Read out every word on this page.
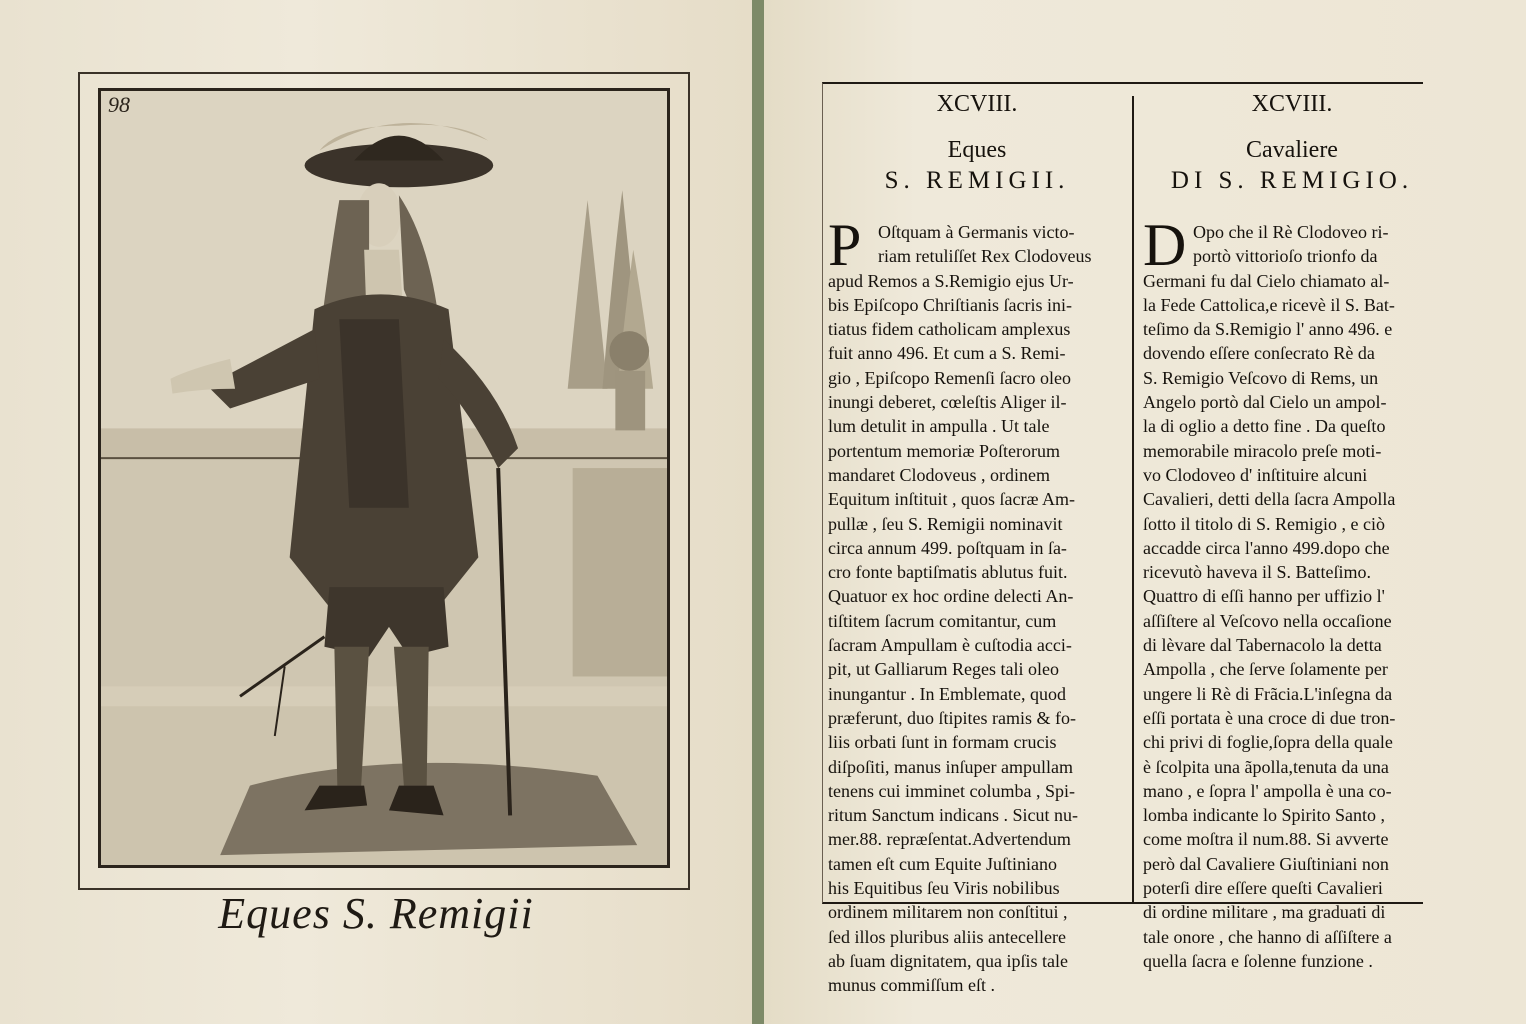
98
Eques S. Remigii
XCVIII.
Eques
S. REMIGII.
P Oſtquam à Germanis victo-
riam retuliſſet Rex Clodoveus
apud Remos a S.Remigio ejus Ur-
bis Epiſcopo Chriſtianis ſacris ini-
tiatus fidem catholicam amplexus
fuit anno 496. Et cum a S. Remi-
gio , Epiſcopo Remenſi ſacro oleo
inungi deberet, cœleſtis Aliger il-
lum detulit in ampulla . Ut tale
portentum memoriæ Poſterorum
mandaret Clodoveus , ordinem
Equitum inſtituit , quos ſacræ Am-
pullæ , ſeu S. Remigii nominavit
circa annum 499. poſtquam in ſa-
cro fonte baptiſmatis ablutus fuit.
Quatuor ex hoc ordine delecti An-
tiſtitem ſacrum comitantur, cum
ſacram Ampullam è cuſtodia acci-
pit, ut Galliarum Reges tali oleo
inungantur . In Emblemate, quod
præferunt, duo ſtipites ramis & fo-
liis orbati ſunt in formam crucis
diſpoſiti, manus inſuper ampullam
tenens cui imminet columba , Spi-
ritum Sanctum indicans . Sicut nu-
mer.88. repræſentat.Advertendum
tamen eſt cum Equite Juſtiniano
his Equitibus ſeu Viris nobilibus
ordinem militarem non conſtitui ,
ſed illos pluribus aliis antecellere
ab ſuam dignitatem, qua ipſis tale
munus commiſſum eſt .
XCVIII.
Cavaliere
DI S. REMIGIO.
D Opo che il Rè Clodoveo ri-
portò vittorioſo trionfo da
Germani fu dal Cielo chiamato al-
la Fede Cattolica,e ricevè il S. Bat-
teſimo da S.Remigio l' anno 496. e
dovendo eſſere conſecrato Rè da
S. Remigio Veſcovo di Rems, un
Angelo portò dal Cielo un ampol-
la di oglio a detto fine . Da queſto
memorabile miracolo preſe moti-
vo Clodoveo d' inſtituire alcuni
Cavalieri, detti della ſacra Ampolla
ſotto il titolo di S. Remigio , e ciò
accadde circa l'anno 499.dopo che
ricevutò haveva il S. Batteſimo.
Quattro di eſſi hanno per uffizio l'
aſſiſtere al Veſcovo nella occaſione
di lèvare dal Tabernacolo la detta
Ampolla , che ſerve ſolamente per
ungere li Rè di Frãcia.L'inſegna da
eſſi portata è una croce di due tron-
chi privi di foglie,ſopra della quale
è ſcolpita una ãpolla,tenuta da una
mano , e ſopra l' ampolla è una co-
lomba indicante lo Spirito Santo ,
come moſtra il num.88. Si avverte
però dal Cavaliere Giuſtiniani non
poterſi dire eſſere queſti Cavalieri
di ordine militare , ma graduati di
tale onore , che hanno di aſſiſtere a
quella ſacra e ſolenne funzione .
